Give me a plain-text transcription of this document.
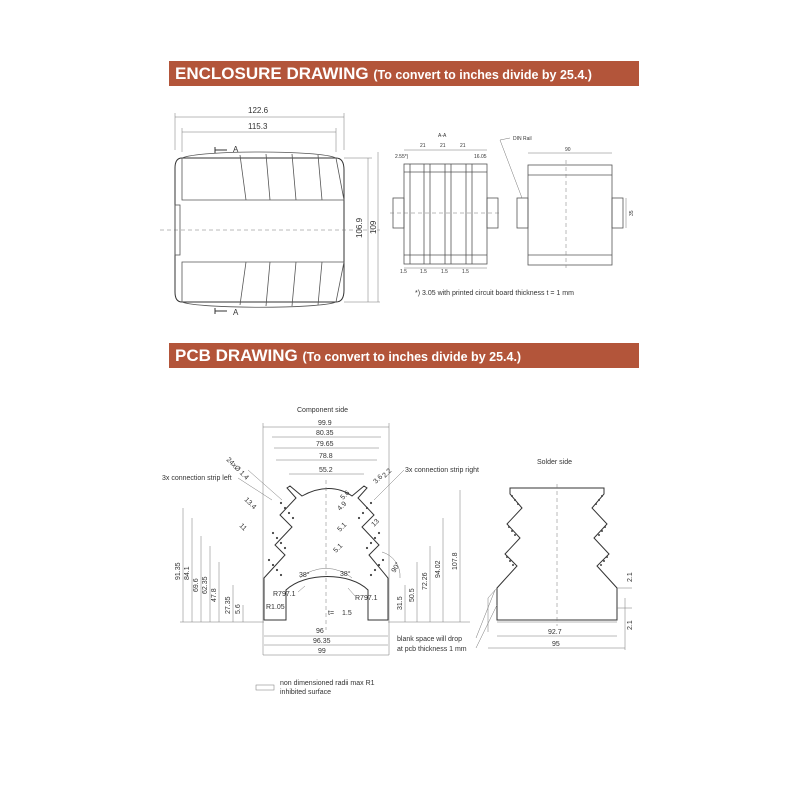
ENCLOSURE DRAWING (To convert to inches divide by 25.4.)
PCB DRAWING (To convert to inches divide by 25.4.)
122.6
115.3
106.9 109
A
A
A-A
2.55*)
21	21	21
16.05
1.5	1.5	1.5	1.5
DIN Rail
90
35
*) 3.05 with printed circuit board thickness t = 1 mm
Component side
99.9
80.35
79.65
78.8
55.2
24xØ 1.4
3x connection strip left
3x connection strip right
13.4
11
5.6
4.9
5.1
5.1
3.6
13
2.2
91.35 84.1
69.6 62.35
47.8
27.35 5.6	31.5
50.5
72.26
94.02 107.8
38°	38°
90°
R797.1
R797.1
R1.05
t= 1.5
96
96.35
99
Solder side
92.7
95
2.1
2.1
blank space will drop
at pcb thickness 1 mm
non dimensioned radii max R1
inhibited surface
